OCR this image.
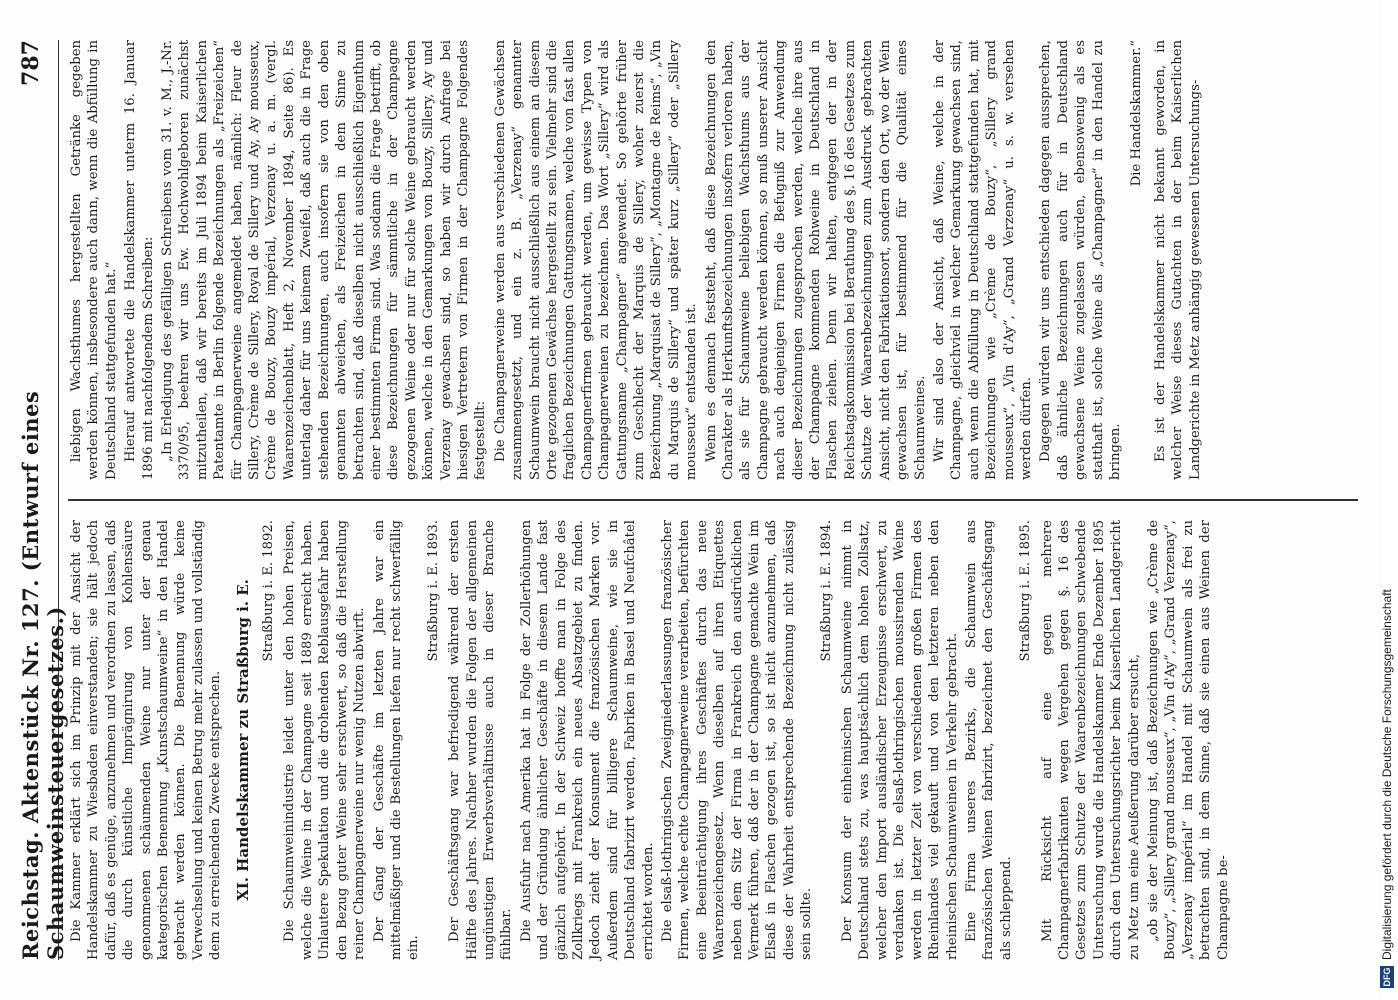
Reichstag. Aktenstück Nr. 127. (Entwurf eines Schaumweinsteuergesetzes.)
787

Die Kammer erklärt sich im Prinzip mit der Ansicht der Handelskammer zu Wiesbaden einverstanden; sie hält jedoch dafür, daß es genüge, anzunehmen und verordnen zu lassen, daß die durch künstliche Imprägnirung von Kohlensäure genommenen schäumenden Weine nur unter der genau kategorischen Benennung „Kunstschaumweine“ in den Handel gebracht werden können. Die Benennung würde keine Verwechselung und keinen Betrug mehr zulassen und vollständig dem zu erreichenden Zwecke entsprechen. XI. Handelskammer zu Straßburg i. E. Straßburg i. E. 1892. Die Schaumweinindustrie leidet unter den hohen Preisen, welche die Weine in der Champagne seit 1889 erreicht haben. Unlautere Spekulation und die drohenden Reblausgefahr haben den Bezug guter Weine sehr erschwert, so daß die Herstellung reiner Champagnerweine nur wenig Nutzen abwirft. Der Gang der Geschäfte im letzten Jahre war ein mittelmäßiger und die Bestellungen liefen nur recht schwerfällig ein.

Straßburg i. E. 1893. Der Geschäftsgang war befriedigend während der ersten Hälfte des Jahres. Nachher wurden die Folgen der allgemeinen ungünstigen Erwerbsverhältnisse auch in dieser Branche fühlbar. Die Ausfuhr nach Amerika hat in Folge der Zollerhöhungen und der Gründung ähnlicher Geschäfte in diesem Lande fast gänzlich aufgehört. In der Schweiz hoffte man in Folge des Zollkriegs mit Frankreich ein neues Absatzgebiet zu finden. Jedoch zieht der Konsument die französischen Marken vor. Außerdem sind für billigere Schaumweine, wie sie in Deutschland fabrizirt werden, Fabriken in Basel und Neufchâtel errichtet worden. Die elsaß-lothringischen Zweigniederlassungen französischer Firmen, welche echte Champagnerweine verarbeiten, befürchten eine Beeinträchtigung ihres Geschäftes durch das neue Waarenzeichengesetz. Wenn dieselben auf ihren Etiquettes neben dem Sitz der Firma in Frankreich den ausdrücklichen Vermerk führen, daß der in der Champagne gemachte Wein im Elsaß in Flaschen gezogen ist, so ist nicht anzunehmen, daß diese der Wahrheit entsprechende Bezeichnung nicht zulässig sein sollte.

Straßburg i. E. 1894. Der Konsum der einheimischen Schaumweine nimmt in Deutschland stets zu, was hauptsächlich dem hohen Zollsatz, welcher den Import ausländischer Erzeugnisse erschwert, zu verdanken ist. Die elsaß-lothringischen moussirenden Weine werden in letzter Zeit von verschiedenen großen Firmen des Rheinlandes viel gekauft und von den letzteren neben den rheinischen Schaumweinen in Verkehr gebracht. Eine Firma unseres Bezirks, die Schaumwein aus französischen Weinen fabrizirt, bezeichnet den Geschäftsgang als schleppend.

Straßburg i. E. 1895. Mit Rücksicht auf eine gegen mehrere Champagnerfabrikanten wegen Vergehen gegen §. 16 des Gesetzes zum Schutze der Waarenbezeichnungen schwebende Untersuchung wurde die Handelskammer Ende Dezember 1895 durch den Untersuchungsrichter beim Kaiserlichen Landgericht zu Metz um eine Aeußerung darüber ersucht, „ob sie der Meinung ist, daß Bezeichnungen wie „Crème de Bouzy“, „Sillery grand mousseux“, „Vin d'Ay“, „Grand Verzenay“, „Verzenay impérial“ im Handel mit Schaumwein als frei zu betrachten sind, in dem Sinne, daß sie einen aus Weinen der Champagne be-

liebigen Wachsthumes hergestellten Getränke gegeben werden können, insbesondere auch dann, wenn die Abfüllung in Deutschland stattgefunden hat.“ Hierauf antwortete die Handelskammer unterm 16. Januar 1896 mit nachfolgendem Schreiben: „In Erledigung des gefälligen Schreibens vom 31. v. M., J.-Nr. 3370/95, beehren wir uns Ew. Hochwohlgeboren zunächst mitzutheilen, daß wir bereits im Juli 1894 beim Kaiserlichen Patentamte in Berlin folgende Bezeichnungen als „Freizeichen“ für Champagnerweine angemeldet haben, nämlich: Fleur de Sillery, Crème de Sillery, Royal de Sillery und Ay, Ay mousseux, Crème de Bouzy, Bouzy impérial, Verzenay u. a. m. (vergl. Waarenzeichenblatt, Heft 2, November 1894, Seite 86). Es unterlag daher für uns keinem Zweifel, daß auch die in Frage stehenden Bezeichnungen, auch insofern sie von den oben genannten abweichen, als Freizeichen in dem Sinne zu betrachten sind, daß dieselben nicht ausschließlich Eigenthum einer bestimmten Firma sind. Was sodann die Frage betrifft, ob diese Bezeichnungen für sämmtliche in der Champagne gezogenen Weine oder nur für solche Weine gebraucht werden können, welche in den Gemarkungen von Bouzy, Sillery, Ay und Verzenay gewachsen sind, so haben wir durch Anfrage bei hiesigen Vertretern von Firmen in der Champagne Folgendes festgestellt: Die Champagnerweine werden aus verschiedenen Gewächsen zusammengesetzt, und ein z. B. „Verzenay“ genannter Schaumwein braucht nicht ausschließlich aus einem an diesem Orte gezogenen Gewächse hergestellt zu sein. Vielmehr sind die fraglichen Bezeichnungen Gattungsnamen, welche von fast allen Champagnerfirmen gebraucht werden, um gewisse Typen von Champagnerweinen zu bezeichnen. Das Wort „Sillery“ wird als Gattungsname „Champagner“ angewendet. So gehörte früher zum Geschlecht der Marquis de Sillery, woher zuerst die Bezeichnung „Marquisat de Sillery“, „Montagne de Reims“, „Vin du Marquis de Sillery“ und später kurz „Sillery“ oder „Sillery mousseux“ entstanden ist. Wenn es demnach feststeht, daß diese Bezeichnungen den Charakter als Herkunftsbezeichnungen insofern verloren haben, als sie für Schaumweine beliebigen Wachsthums aus der Champagne gebraucht werden können, so muß unserer Ansicht nach auch denjenigen Firmen die Befugniß zur Anwendung dieser Bezeichnungen zugesprochen werden, welche ihre aus der Champagne kommenden Rohweine in Deutschland in Flaschen ziehen. Denn wir halten, entgegen der in der Reichstagskommission bei Berathung des §. 16 des Gesetzes zum Schutze der Waarenbezeichnungen zum Ausdruck gebrachten Ansicht, nicht den Fabrikationsort, sondern den Ort, wo der Wein gewachsen ist, für bestimmend für die Qualität eines Schaumweines. Wir sind also der Ansicht, daß Weine, welche in der Champagne, gleichviel in welcher Gemarkung gewachsen sind, auch wenn die Abfüllung in Deutschland stattgefunden hat, mit Bezeichnungen wie „Crème de Bouzy“, „Sillery grand mousseux“, „Vin d'Ay“, „Grand Verzenay“ u. s. w. versehen werden dürfen. Dagegen würden wir uns entschieden dagegen aussprechen, daß ähnliche Bezeichnungen auch für in Deutschland gewachsene Weine zugelassen würden, ebensowenig als es statthaft ist, solche Weine als „Champagner“ in den Handel zu bringen.

Die Handelskammer.“ Es ist der Handelskammer nicht bekannt geworden, in welcher Weise dieses Gutachten in der beim Kaiserlichen Landgerichte in Metz anhängig gewesenen Untersuchungs-

DFG
Digitalisierung gefördert durch die Deutsche Forschungsgemeinschaft
